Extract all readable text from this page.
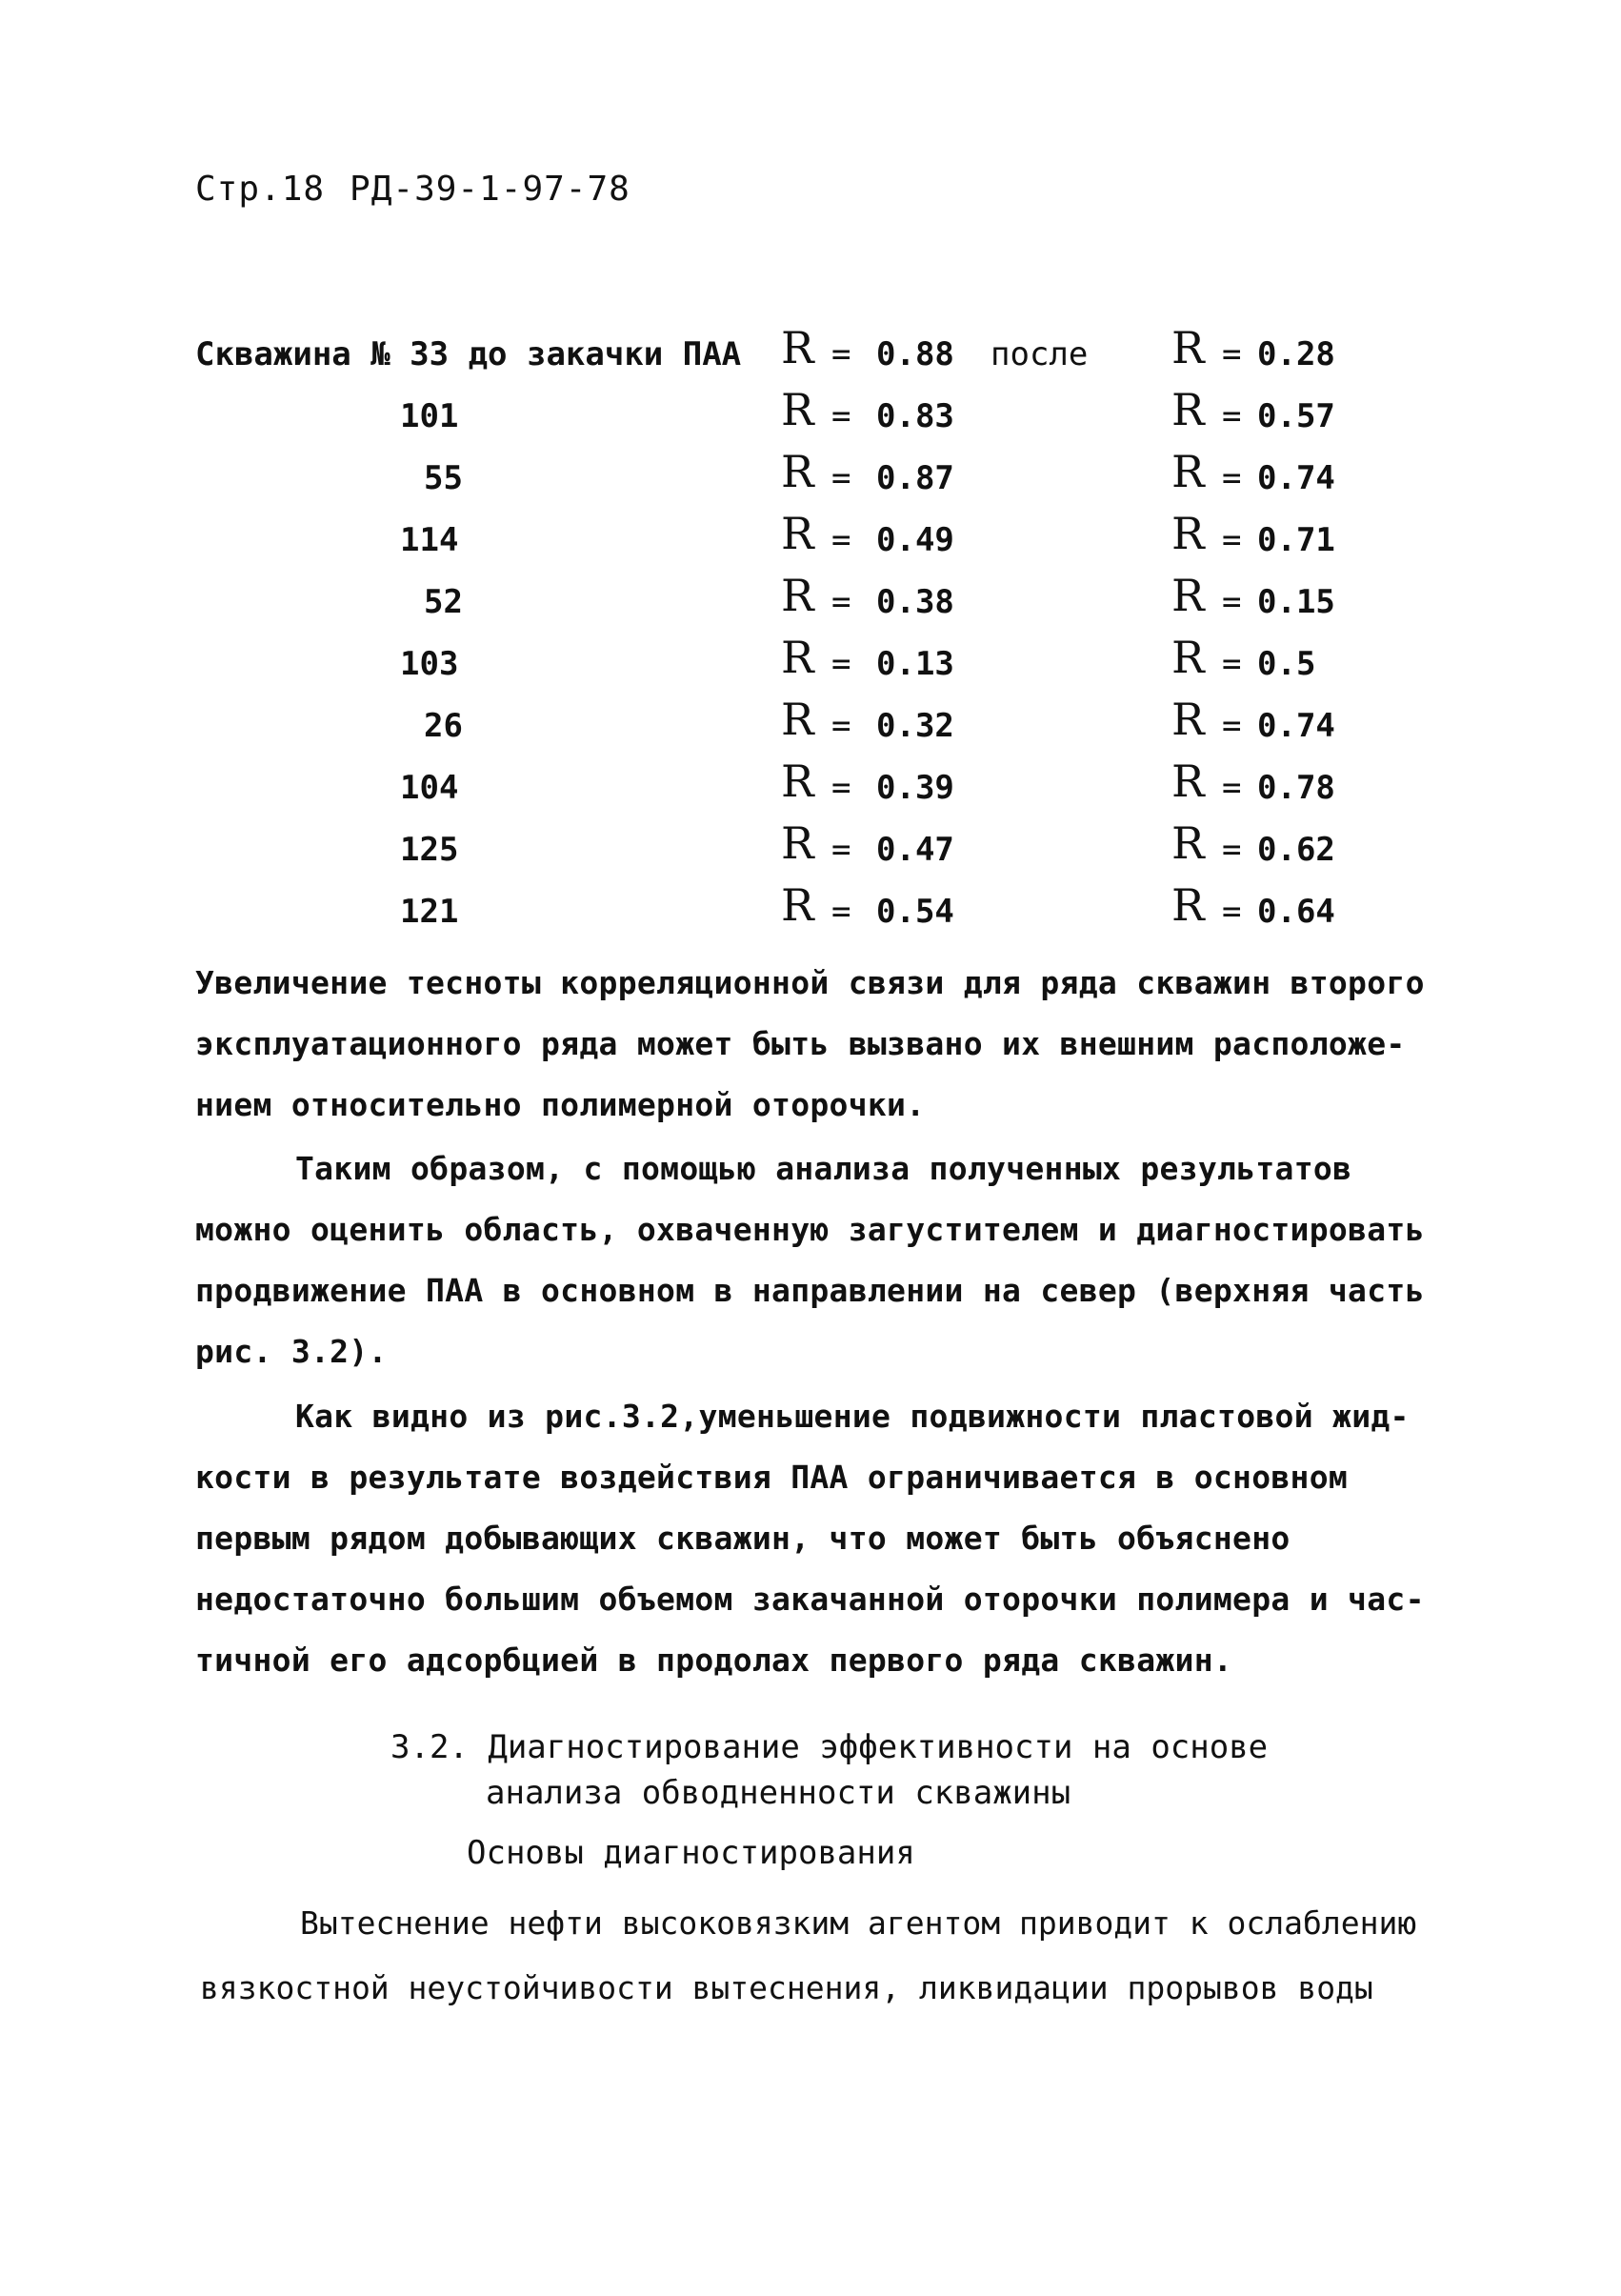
Стр.18 РД-39-1-97-78
Скважина № 33 до закачки ПАА R = 0.88 после R = 0.28
101	R = 0.83	R = 0.57
55	R = 0.87	R = 0.74
114	R = 0.49	R = 0.71
52	R = 0.38	R = 0.15
103	R = 0.13	R = 0.5
26	R = 0.32	R = 0.74
104	R = 0.39	R = 0.78
125	R = 0.47	R = 0.62
121	R = 0.54	R = 0.64
Увеличение тесноты корреляционной связи для ряда скважин второго
эксплуатационного ряда может быть вызвано их внешним расположе-
нием относительно полимерной оторочки.
Таким образом, с помощью анализа полученных результатов
можно оценить область, охваченную загустителем и диагностировать
продвижение ПАА в основном в направлении на север (верхняя часть
рис. 3.2).
Как видно из рис.3.2,уменьшение подвижности пластовой жид-
кости в результате воздействия ПАА ограничивается в основном
первым рядом добывающих скважин, что может быть объяснено
недостаточно большим объемом закачанной оторочки полимера и час-
тичной его адсорбцией в продолах первого ряда скважин.
3.2. Диагностирование эффективности на основе
анализа обводненности скважины
Основы диагностирования
Вытеснение нефти высоковязким агентом приводит к ослаблению
вязкостной неустойчивости вытеснения, ликвидации прорывов воды
